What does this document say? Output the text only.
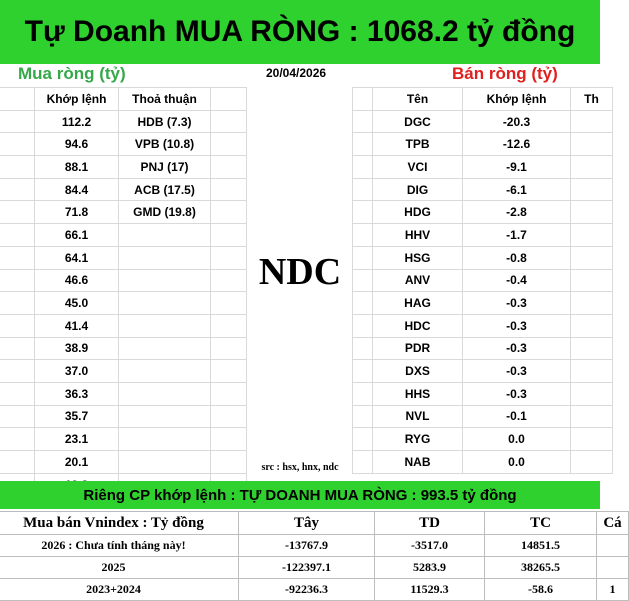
Tự Doanh MUA RÒNG : 1068.2 tỷ đồng
Mua ròng (tỷ)	20/04/2026	Bán ròng (tỷ)
	Khớp lệnh	Thoả thuận	
	112.2	HDB (7.3)	
	94.6	VPB (10.8)	
	88.1	PNJ (17)	
	84.4	ACB (17.5)	
	71.8	GMD (19.8)	
	66.1		
	64.1		
	46.6		
	45.0		
	41.4		
	38.9		
	37.0		
	36.3		
	35.7		
	23.1		
	20.1		

NDC
src : hsx, hnx, ndc
	Tên	Khớp lệnh	Th
	DGC	-20.3	
	TPB	-12.6	
	VCI	-9.1	
	DIG	-6.1	
	HDG	-2.8	
	HHV	-1.7	
	HSG	-0.8	
	ANV	-0.4	
	HAG	-0.3	
	HDC	-0.3	
	PDR	-0.3	
	DXS	-0.3	
	HHS	-0.3	
	NVL	-0.1	
	RYG	0.0	
	NAB	0.0	
Riêng CP khớp lệnh : TỰ DOANH MUA RÒNG : 993.5 tỷ đồng
Mua bán Vnindex : Tỷ đồng	Tây	TD	TC	Cá
2026 : Chưa tính tháng này!	-13767.9	-3517.0	14851.5	
2025	-122397.1	5283.9	38265.5	
2023+2024	-92236.3	11529.3	-58.6	1
